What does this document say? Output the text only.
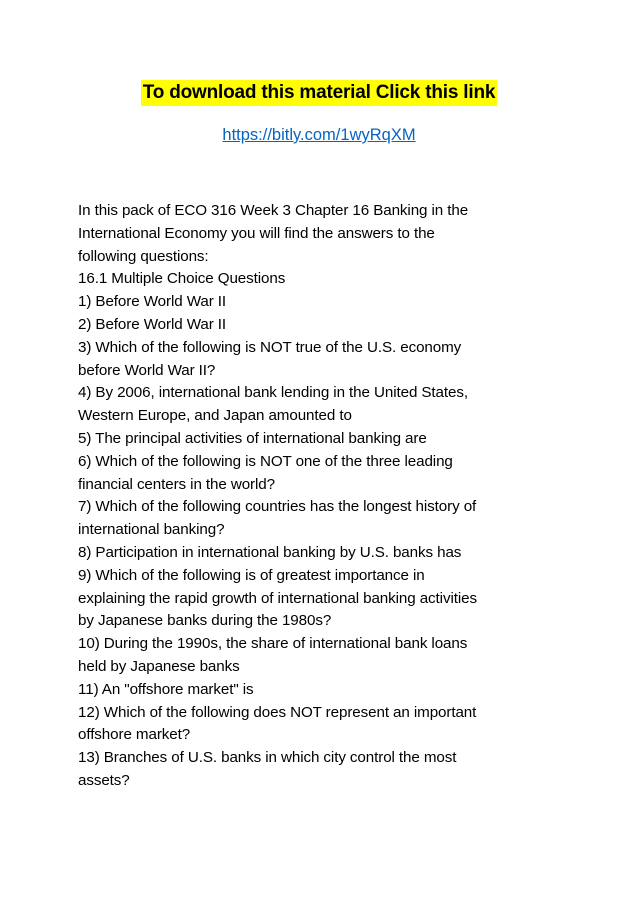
To download this material Click this link
https://bitly.com/1wyRqXM
In this pack of ECO 316 Week 3 Chapter 16 Banking in the
International Economy you will find the answers to the
following questions:
16.1 Multiple Choice Questions
1) Before World War II
2) Before World War II
3) Which of the following is NOT true of the U.S. economy
before World War II?
4) By 2006, international bank lending in the United States,
Western Europe, and Japan amounted to
5) The principal activities of international banking are
6) Which of the following is NOT one of the three leading
financial centers in the world?
7) Which of the following countries has the longest history of
international banking?
8) Participation in international banking by U.S. banks has
9) Which of the following is of greatest importance in
explaining the rapid growth of international banking activities
by Japanese banks during the 1980s?
10) During the 1990s, the share of international bank loans
held by Japanese banks
11) An "offshore market" is
12) Which of the following does NOT represent an important
offshore market?
13) Branches of U.S. banks in which city control the most
assets?
